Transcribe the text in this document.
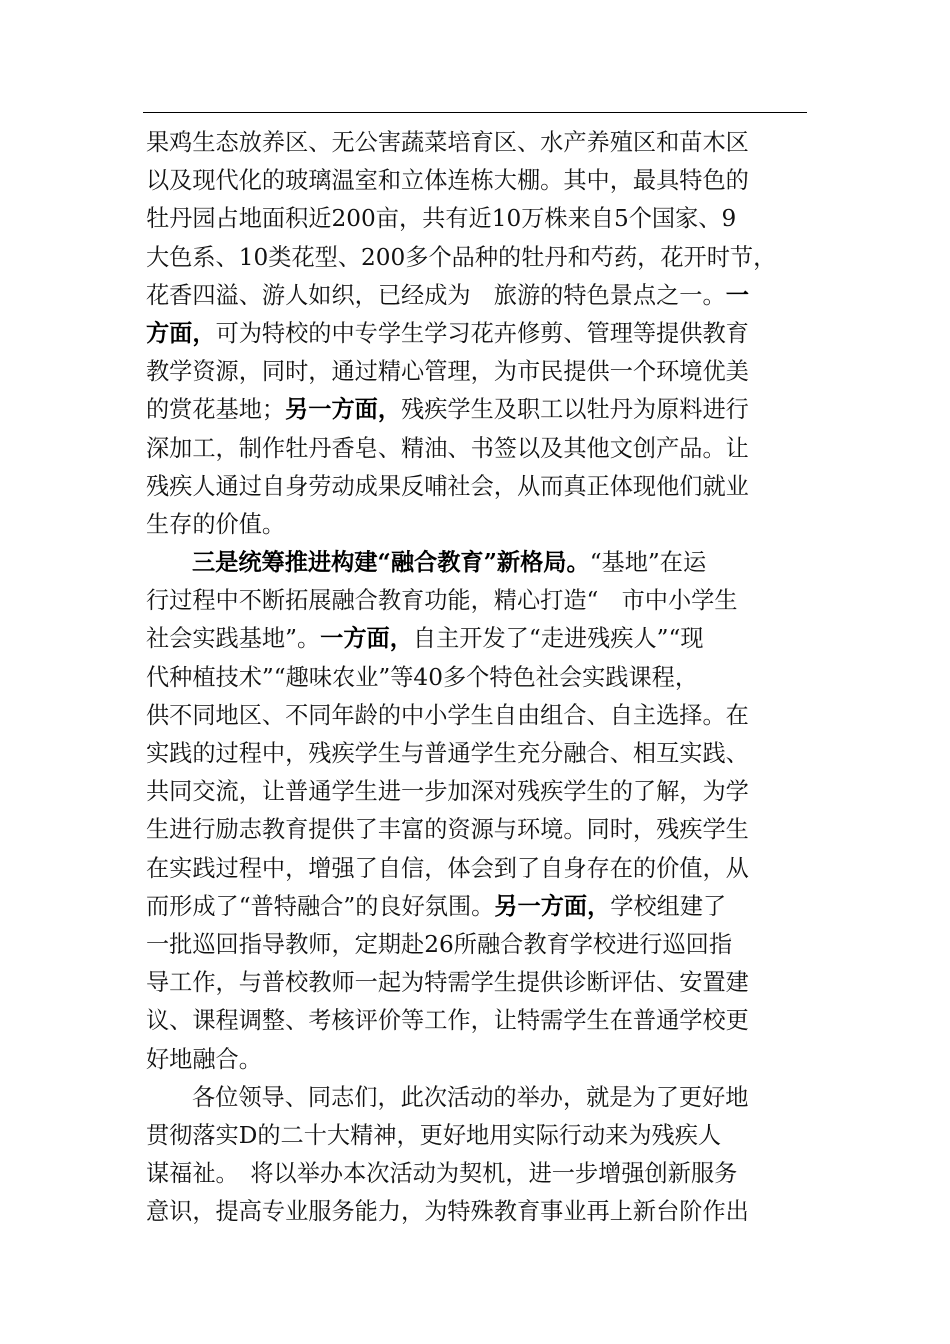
果鸡生态放养区、无公害蔬菜培育区、水产养殖区和苗木区
以及现代化的玻璃温室和立体连栋大棚。其中，最具特色的
牡丹园占地面积近200亩，共有近10万株来自5个国家、9
大色系、10类花型、200多个品种的牡丹和芍药，花开时节，
花香四溢、游人如织，已经成为　旅游的特色景点之一。一
方面，可为特校的中专学生学习花卉修剪、管理等提供教育
教学资源，同时，通过精心管理，为市民提供一个环境优美
的赏花基地；另一方面，残疾学生及职工以牡丹为原料进行
深加工，制作牡丹香皂、精油、书签以及其他文创产品。让
残疾人通过自身劳动成果反哺社会，从而真正体现他们就业
生存的价值。
三是统筹推进构建“融合教育”新格局。“基地”在运
行过程中不断拓展融合教育功能，精心打造“　市中小学生
社会实践基地”。一方面，自主开发了“走进残疾人”“现
代种植技术”“趣味农业”等40多个特色社会实践课程，
供不同地区、不同年龄的中小学生自由组合、自主选择。在
实践的过程中，残疾学生与普通学生充分融合、相互实践、
共同交流，让普通学生进一步加深对残疾学生的了解，为学
生进行励志教育提供了丰富的资源与环境。同时，残疾学生
在实践过程中，增强了自信，体会到了自身存在的价值，从
而形成了“普特融合”的良好氛围。另一方面，学校组建了
一批巡回指导教师，定期赴26所融合教育学校进行巡回指
导工作，与普校教师一起为特需学生提供诊断评估、安置建
议、课程调整、考核评价等工作，让特需学生在普通学校更
好地融合。
各位领导、同志们，此次活动的举办，就是为了更好地
贯彻落实D的二十大精神，更好地用实际行动来为残疾人
谋福祉。　将以举办本次活动为契机，进一步增强创新服务
意识，提高专业服务能力，为特殊教育事业再上新台阶作出
